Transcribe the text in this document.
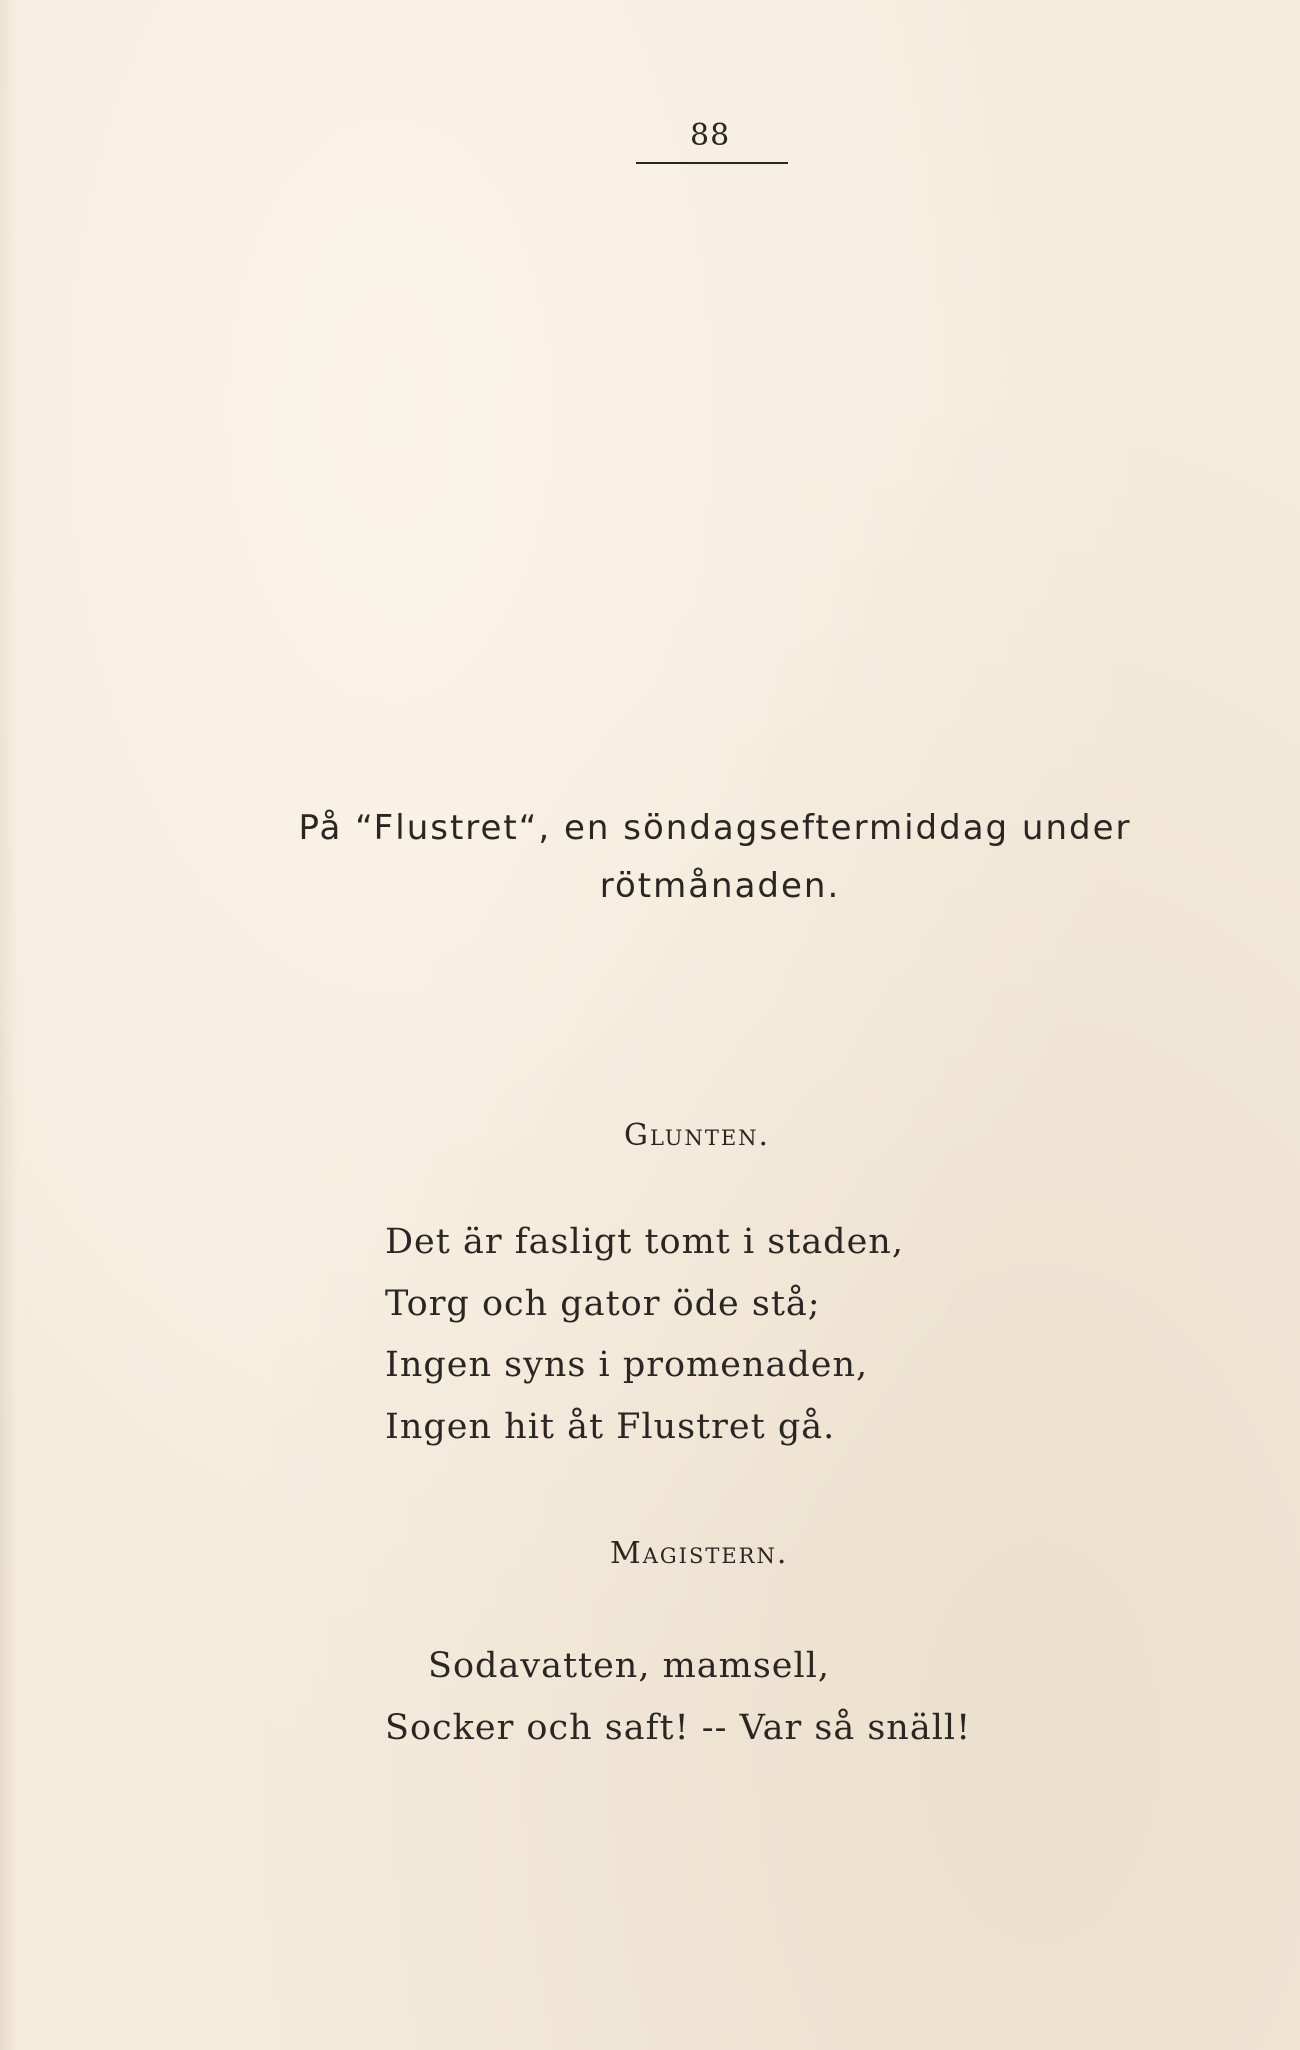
88
På “Flustret“, en söndagseftermiddag under
rötmånaden.
Glunten.
Det är fasligt tomt i staden,
Torg och gator öde stå;
Ingen syns i promenaden,
Ingen hit åt Flustret gå.
Magistern.
Sodavatten, mamsell,
Socker och saft! -- Var så snäll!
